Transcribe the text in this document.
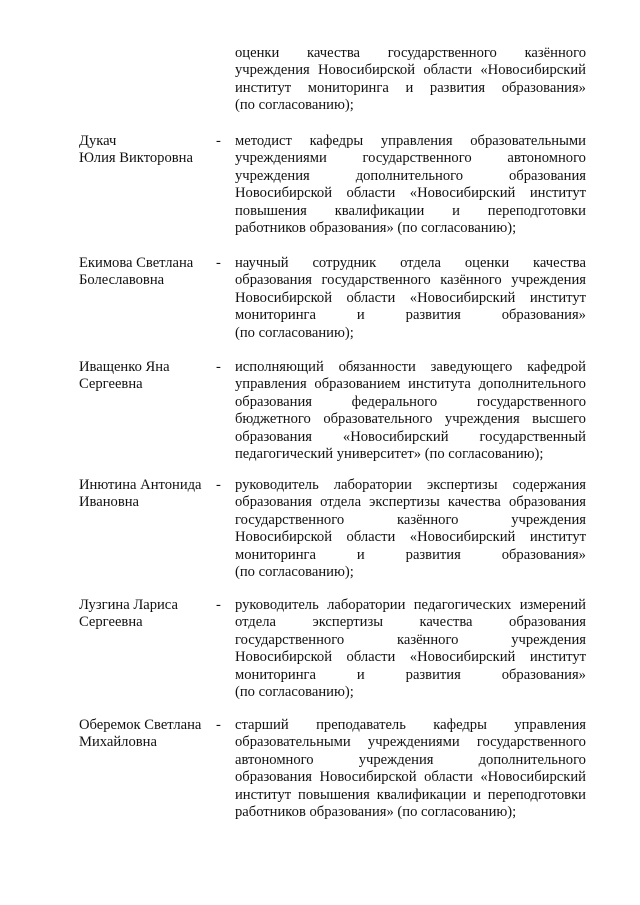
оценки качества государственного казённого
учреждения Новосибирской области «Новосибирский
институт мониторинга и развития образования»
(по согласованию);
Дукач
Юлия Викторовна
- методист кафедры управления образовательными
учреждениями государственного автономного
учреждения	дополнительного	образования
Новосибирской области «Новосибирский институт
повышения квалификации и переподготовки
работников образования» (по согласованию);
Екимова Светлана
Болеславовна
- научный сотрудник отдела оценки качества
образования государственного казённого учреждения
Новосибирской области «Новосибирский институт
мониторинга	и	развития	образования»
(по согласованию);
Иващенко Яна
Сергеевна
- исполняющий обязанности заведующего кафедрой
управления образованием института дополнительного
образования	федерального	государственного
бюджетного образовательного учреждения высшего
образования «Новосибирский государственный
педагогический университет» (по согласованию);
Инютина Антонида
Ивановна
- руководитель лаборатории экспертизы содержания
образования отдела экспертизы качества образования
государственного	казённого	учреждения
Новосибирской области «Новосибирский институт
мониторинга	и	развития	образования»
(по согласованию);
Лузгина Лариса
Сергеевна
- руководитель лаборатории педагогических измерений
отдела экспертизы качества образования
государственного	казённого	учреждения
Новосибирской области «Новосибирский институт
мониторинга	и	развития	образования»
(по согласованию);
Оберемок Светлана
Михайловна
- старший преподаватель кафедры управления
образовательными учреждениями государственного
автономного	учреждения	дополнительного
образования Новосибирской области «Новосибирский
институт повышения квалификации и переподготовки
работников образования» (по согласованию);
